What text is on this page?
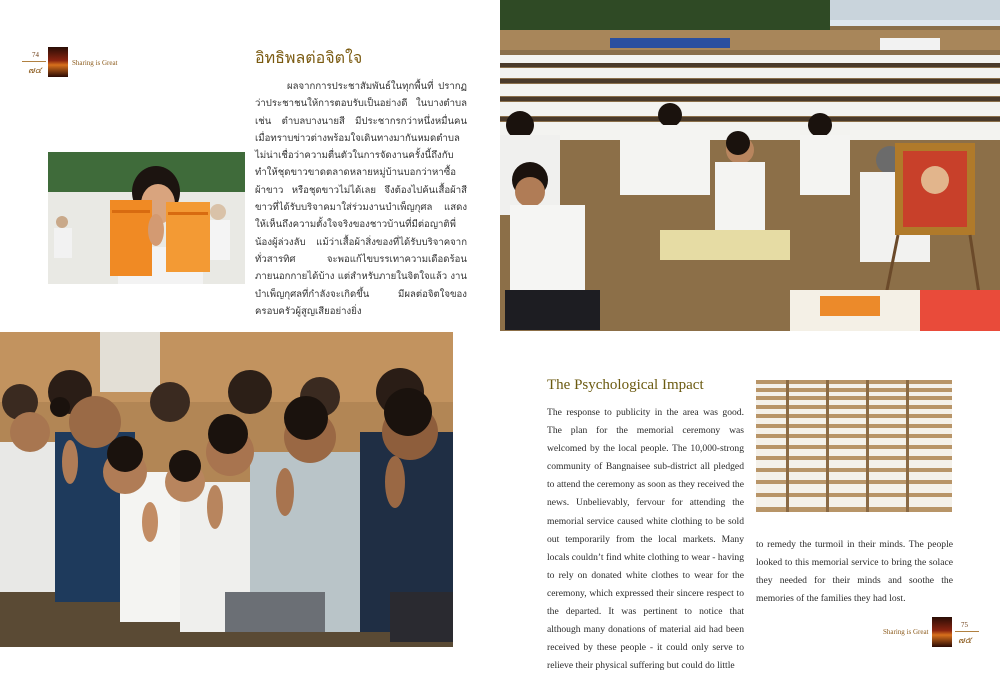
74
๗๔
Sharing is Great	อิทธิพลต่อจิตใจ
ผลจากการประชาสัมพันธ์ในทุกพื้นที่ ปรากฏว่าประชาชนให้การตอบรับเป็นอย่างดี ในบางตำบล เช่น ตำบลบางนายสี มีประชากรกว่าหนึ่งหมื่นคน เมื่อทราบข่าวต่างพร้อมใจเดินทางมากันหมดตำบล ไม่น่าเชื่อว่าความตื่นตัวในการจัดงานครั้งนี้ถึงกับทำให้ชุดขาวขาดตลาดหลายหมู่บ้านบอกว่าหาซื้อผ้าขาว หรือชุดขาวไม่ได้เลย จึงต้องไปค้นเสื้อผ้าสีขาวที่ได้รับบริจาคมาใส่ร่วมงานบำเพ็ญกุศล แสดงให้เห็นถึงความตั้งใจจริงของชาวบ้านที่มีต่อญาติพี่น้องผู้ล่วงลับ แม้ว่าเสื้อผ้าสิ่งของที่ได้รับบริจาคจากทั่วสารทิศ จะพอแก้ไขบรรเทาความเดือดร้อนภายนอกกายได้บ้าง แต่สำหรับภายในจิตใจแล้ว งานบำเพ็ญกุศลที่กำลังจะเกิดขึ้น มีผลต่อจิตใจของครอบครัวผู้สูญเสียอย่างยิ่ง
The Psychological Impact
The response to publicity in the area was good. The plan for the memorial ceremony was welcomed by the local people. The 10,000-strong community of Bangnaisee sub-district all pledged to attend the ceremony as soon as they received the news. Unbelievably, fervour for attending the memorial service caused white clothing to be sold out temporarily from the local markets. Many locals couldn’t find white clothing to wear - having to rely on donated white clothes to wear for the ceremony, which expressed their sincere respect to the departed. It was pertinent to notice that although many donations of material aid had been received by these people - it could only serve to relieve their physical suffering but could do little
to remedy the turmoil in their minds. The people looked to this memorial service to bring the solace they needed for their minds and soothe the memories of the families they had lost.
Sharing is Great
75
๗๕
